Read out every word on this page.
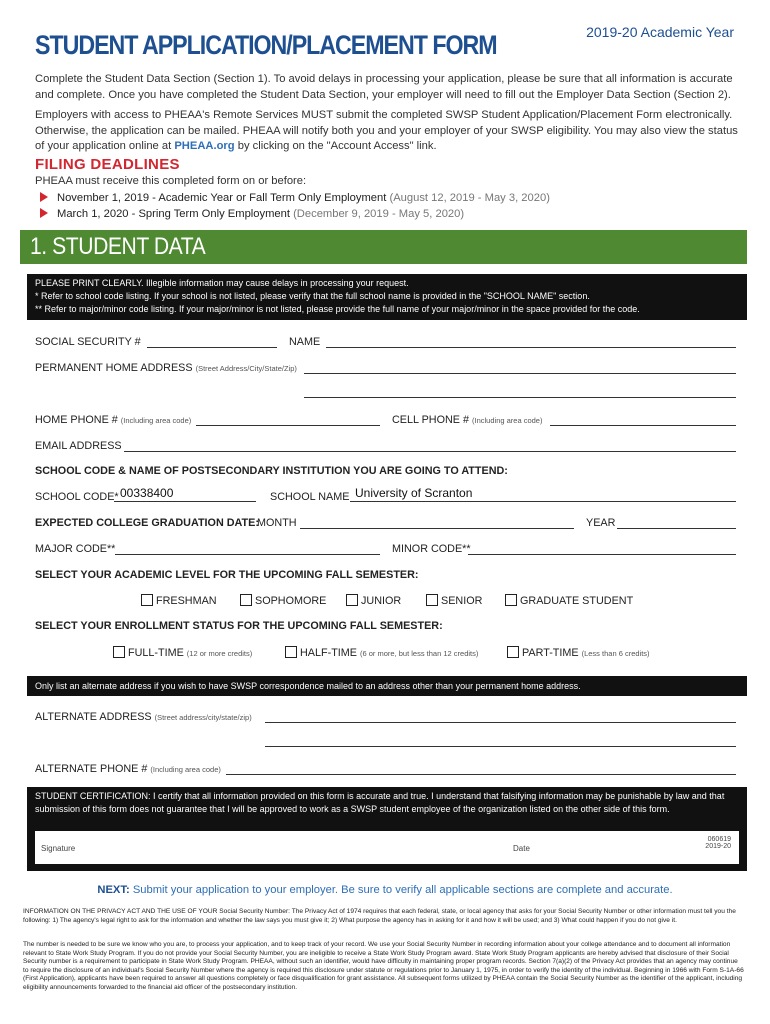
STUDENT APPLICATION/PLACEMENT FORM	2019-20 Academic Year
Complete the Student Data Section (Section 1). To avoid delays in processing your application, please be sure that all information is accurate and complete. Once you have completed the Student Data Section, your employer will need to fill out the Employer Data Section (Section 2).
Employers with access to PHEAA's Remote Services MUST submit the completed SWSP Student Application/Placement Form electronically. Otherwise, the application can be mailed. PHEAA will notify both you and your employer of your SWSP eligibility. You may also view the status of your application online at PHEAA.org by clicking on the "Account Access" link.
FILING DEADLINES
PHEAA must receive this completed form on or before:
November 1, 2019 - Academic Year or Fall Term Only Employment (August 12, 2019 - May 3, 2020)
March 1, 2020 - Spring Term Only Employment (December 9, 2019 - May 5, 2020)
1. STUDENT DATA
PLEASE PRINT CLEARLY. Illegible information may cause delays in processing your request.
* Refer to school code listing. If your school is not listed, please verify that the full school name is provided in the "SCHOOL NAME" section.
** Refer to major/minor code listing. If your major/minor is not listed, please provide the full name of your major/minor in the space provided for the code.
SOCIAL SECURITY #	NAME
PERMANENT HOME ADDRESS (Street Address/City/State/Zip)
HOME PHONE # (Including area code)	CELL PHONE # (Including area code)
EMAIL ADDRESS
SCHOOL CODE & NAME OF POSTSECONDARY INSTITUTION YOU ARE GOING TO ATTEND:
SCHOOL CODE* 00338400	SCHOOL NAME University of Scranton
EXPECTED COLLEGE GRADUATION DATE:
MONTH	YEAR
MAJOR CODE**	MINOR CODE**
SELECT YOUR ACADEMIC LEVEL FOR THE UPCOMING FALL SEMESTER:
FRESHMAN	SOPHOMORE	JUNIOR	SENIOR	GRADUATE STUDENT
SELECT YOUR ENROLLMENT STATUS FOR THE UPCOMING FALL SEMESTER:
FULL-TIME (12 or more credits)	HALF-TIME (6 or more, but less than 12 credits)	PART-TIME (Less than 6 credits)
Only list an alternate address if you wish to have SWSP correspondence mailed to an address other than your permanent home address.
ALTERNATE ADDRESS (Street address/city/state/zip)
ALTERNATE PHONE # (Including area code)
STUDENT CERTIFICATION: I certify that all information provided on this form is accurate and true. I understand that falsifying information may be punishable by law and that submission of this form does not guarantee that I will be approved to work as a SWSP student employee of the organization listed on the other side of this form.
Signature	Date
060619
2019-20
NEXT: Submit your application to your employer. Be sure to verify all applicable sections are complete and accurate.
INFORMATION ON THE PRIVACY ACT AND THE USE OF YOUR Social Security Number: The Privacy Act of 1974 requires that each federal, state, or local agency that asks for your Social Security Number or other information must tell you the following: 1) The agency's legal right to ask for the information and whether the law says you must give it; 2) What purpose the agency has in asking for it and how it will be used; and 3) What could happen if you do not give it.
The number is needed to be sure we know who you are, to process your application, and to keep track of your record. We use your Social Security Number in recording information about your college attendance and to document all information relevant to State Work Study Program. If you do not provide your Social Security Number, you are ineligible to receive a State Work Study Program award. State Work Study Program applicants are hereby advised that disclosure of their Social Security number is a requirement to participate in State Work Study Program. PHEAA, without such an identifier, would have difficulty in maintaining proper program records. Section 7(a)(2) of the Privacy Act provides that an agency may continue to require the disclosure of an individual's Social Security Number where the agency is required this disclosure under statute or regulations prior to January 1, 1975, in order to verify the identity of the individual. Beginning in 1966 with Form S-1A-66 (First Application), applicants have been required to answer all questions completely or face disqualification for grant assistance. All subsequent forms utilized by PHEAA contain the Social Security Number as the identifier of the applicant, including eligibility announcements forwarded to the financial aid officer of the postsecondary institution.
